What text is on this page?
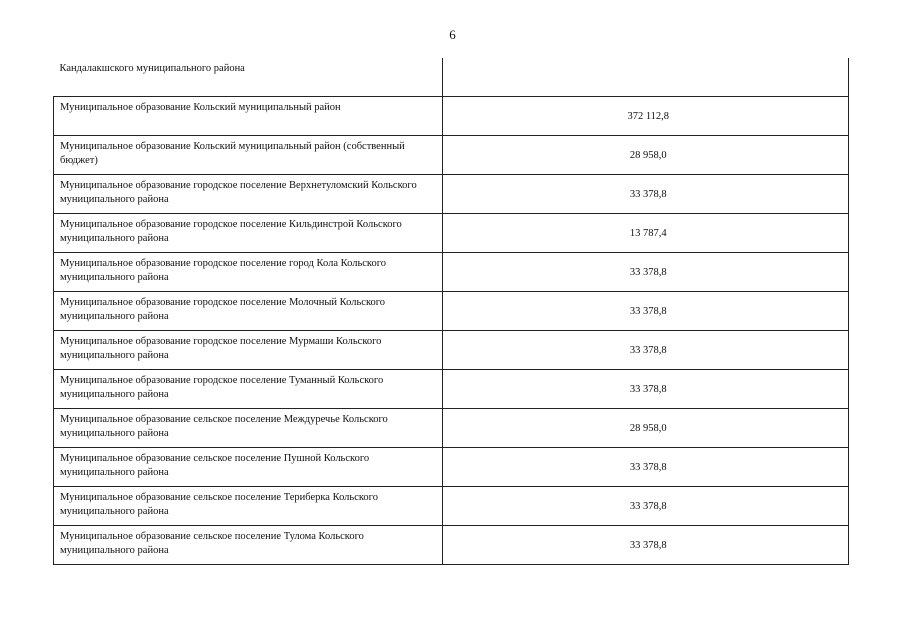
6
Кандалакшского муниципального района	
Муниципальное образование Кольский муниципальный район	372 112,8
Муниципальное образование Кольский муниципальный район (собственный бюджет)	28 958,0
Муниципальное образование городское поселение Верхнетуломский Кольского муниципального района	33 378,8
Муниципальное образование городское поселение Кильдинстрой Кольского муниципального района	13 787,4
Муниципальное образование городское поселение город Кола Кольского муниципального района	33 378,8
Муниципальное образование городское поселение Молочный Кольского муниципального района	33 378,8
Муниципальное образование городское поселение Мурмаши Кольского муниципального района	33 378,8
Муниципальное образование городское поселение Туманный Кольского муниципального района	33 378,8
Муниципальное образование сельское поселение Междуречье Кольского муниципального района	28 958,0
Муниципальное образование сельское поселение Пушной Кольского муниципального района	33 378,8
Муниципальное образование сельское поселение Териберка Кольского муниципального района	33 378,8
Муниципальное образование сельское поселение Тулома Кольского муниципального района	33 378,8
